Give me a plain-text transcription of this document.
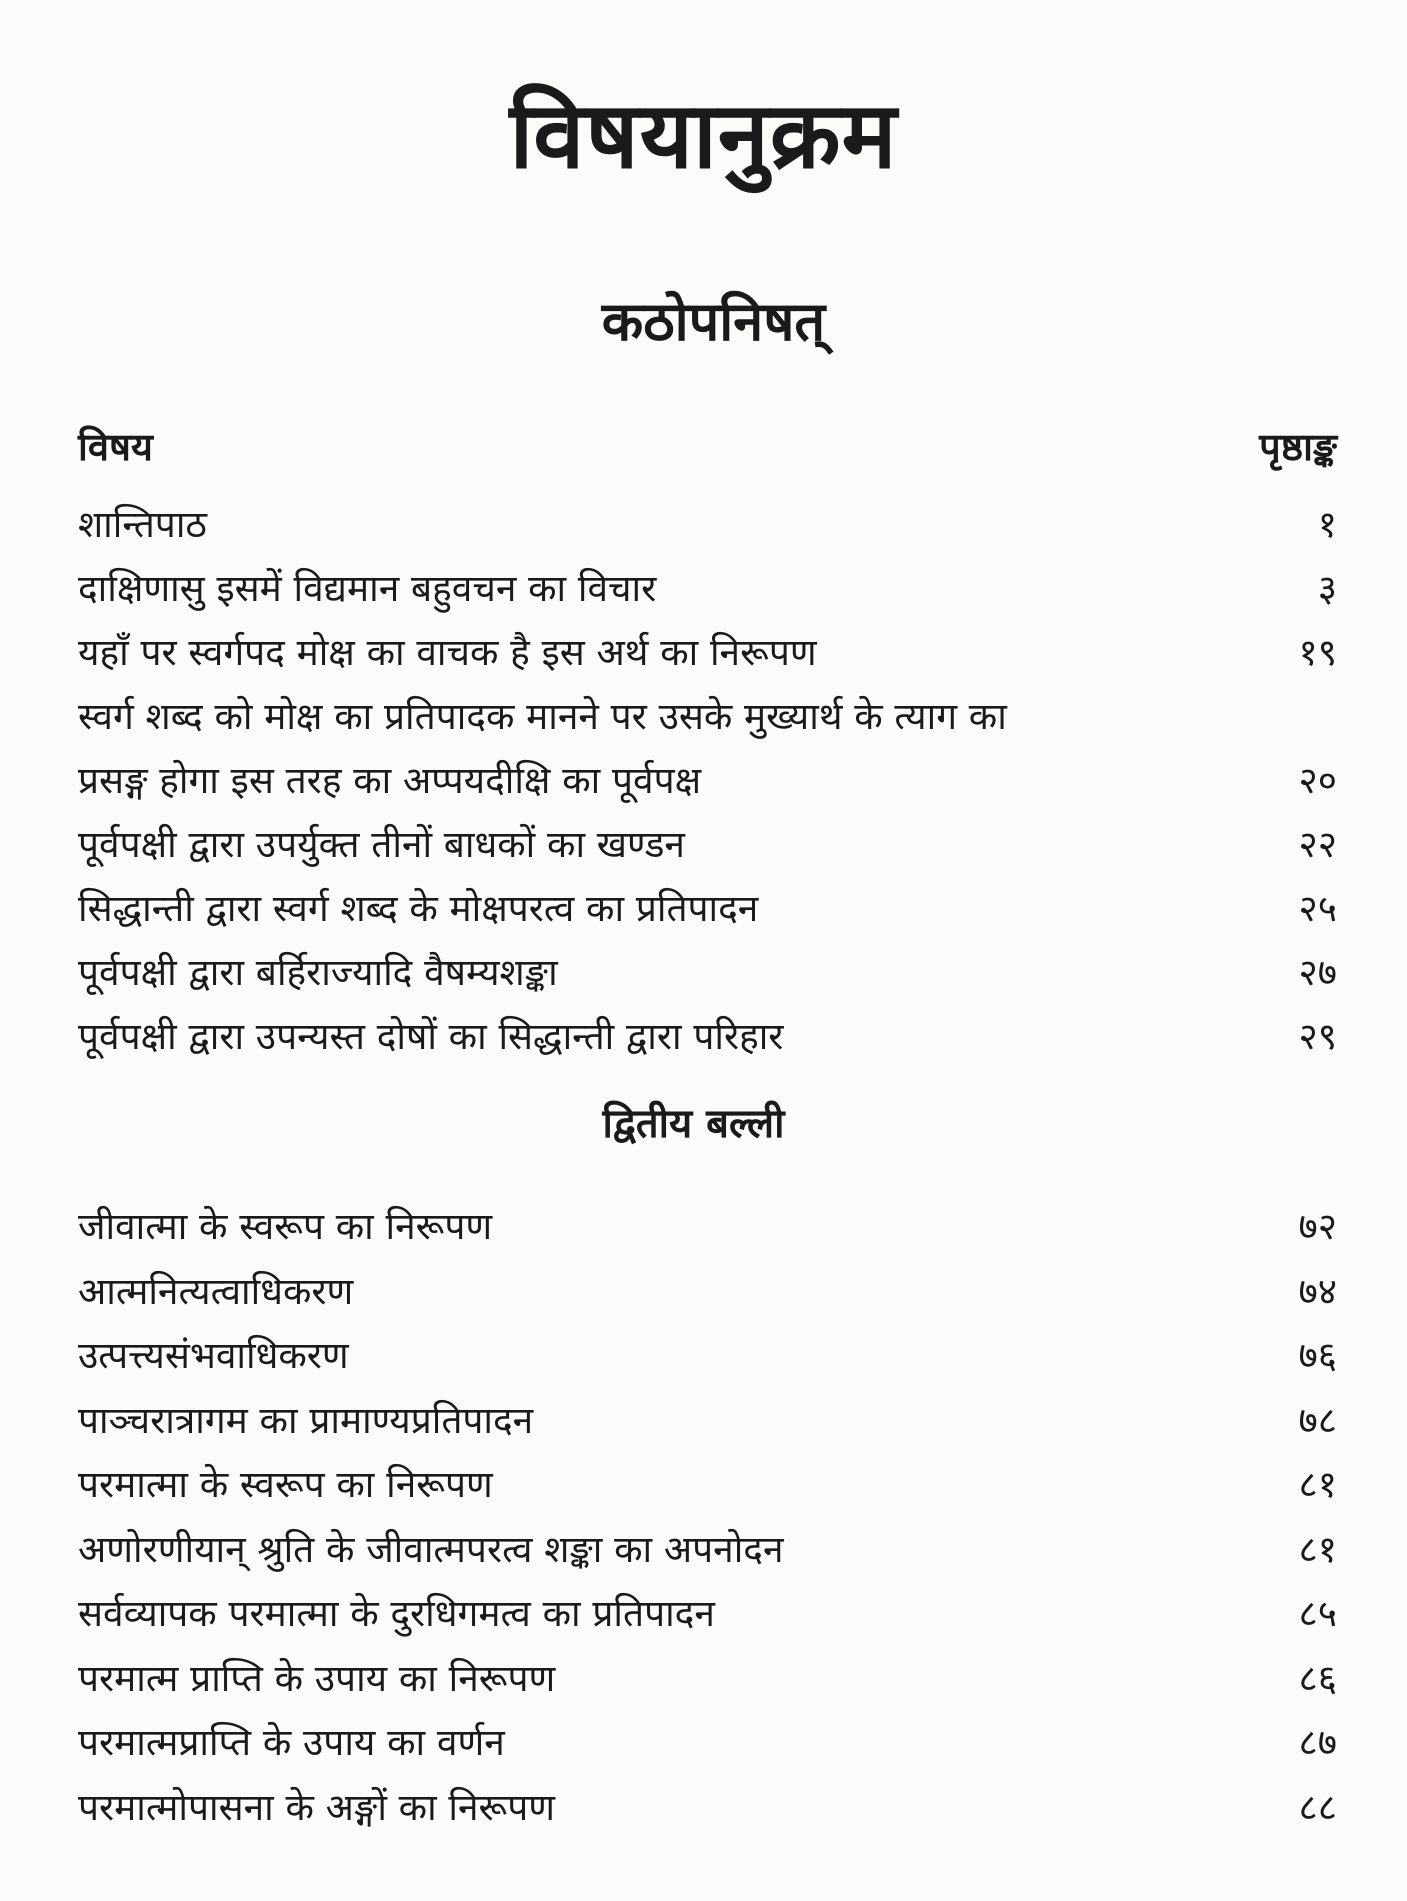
विषयानुक्रम
कठोपनिषत्
विषय	पृष्ठाङ्क
शान्तिपाठ	१
दाक्षिणासु इसमें विद्यमान बहुवचन का विचार	३
यहाँ पर स्वर्गपद मोक्ष का वाचक है इस अर्थ का निरूपण	१९
स्वर्ग शब्द को मोक्ष का प्रतिपादक मानने पर उसके मुख्यार्थ के त्याग का
प्रसङ्ग होगा इस तरह का अप्पयदीक्षि का पूर्वपक्ष	२०
पूर्वपक्षी द्वारा उपर्युक्त तीनों बाधकों का खण्डन	२२
सिद्धान्ती द्वारा स्वर्ग शब्द के मोक्षपरत्व का प्रतिपादन	२५
पूर्वपक्षी द्वारा बर्हिराज्यादि वैषम्यशङ्का	२७
पूर्वपक्षी द्वारा उपन्यस्त दोषों का सिद्धान्ती द्वारा परिहार	२९
द्वितीय बल्ली
जीवात्मा के स्वरूप का निरूपण	७२
आत्मनित्यत्वाधिकरण	७४
उत्पत्त्यसंभवाधिकरण	७६
पाञ्चरात्रागम का प्रामाण्यप्रतिपादन	७८
परमात्मा के स्वरूप का निरूपण	८१
अणोरणीयान् श्रुति के जीवात्मपरत्व शङ्का का अपनोदन	८१
सर्वव्यापक परमात्मा के दुरधिगमत्व का प्रतिपादन	८५
परमात्म प्राप्ति के उपाय का निरूपण	८६
परमात्मप्राप्ति के उपाय का वर्णन	८७
परमात्मोपासना के अङ्गों का निरूपण	८८
